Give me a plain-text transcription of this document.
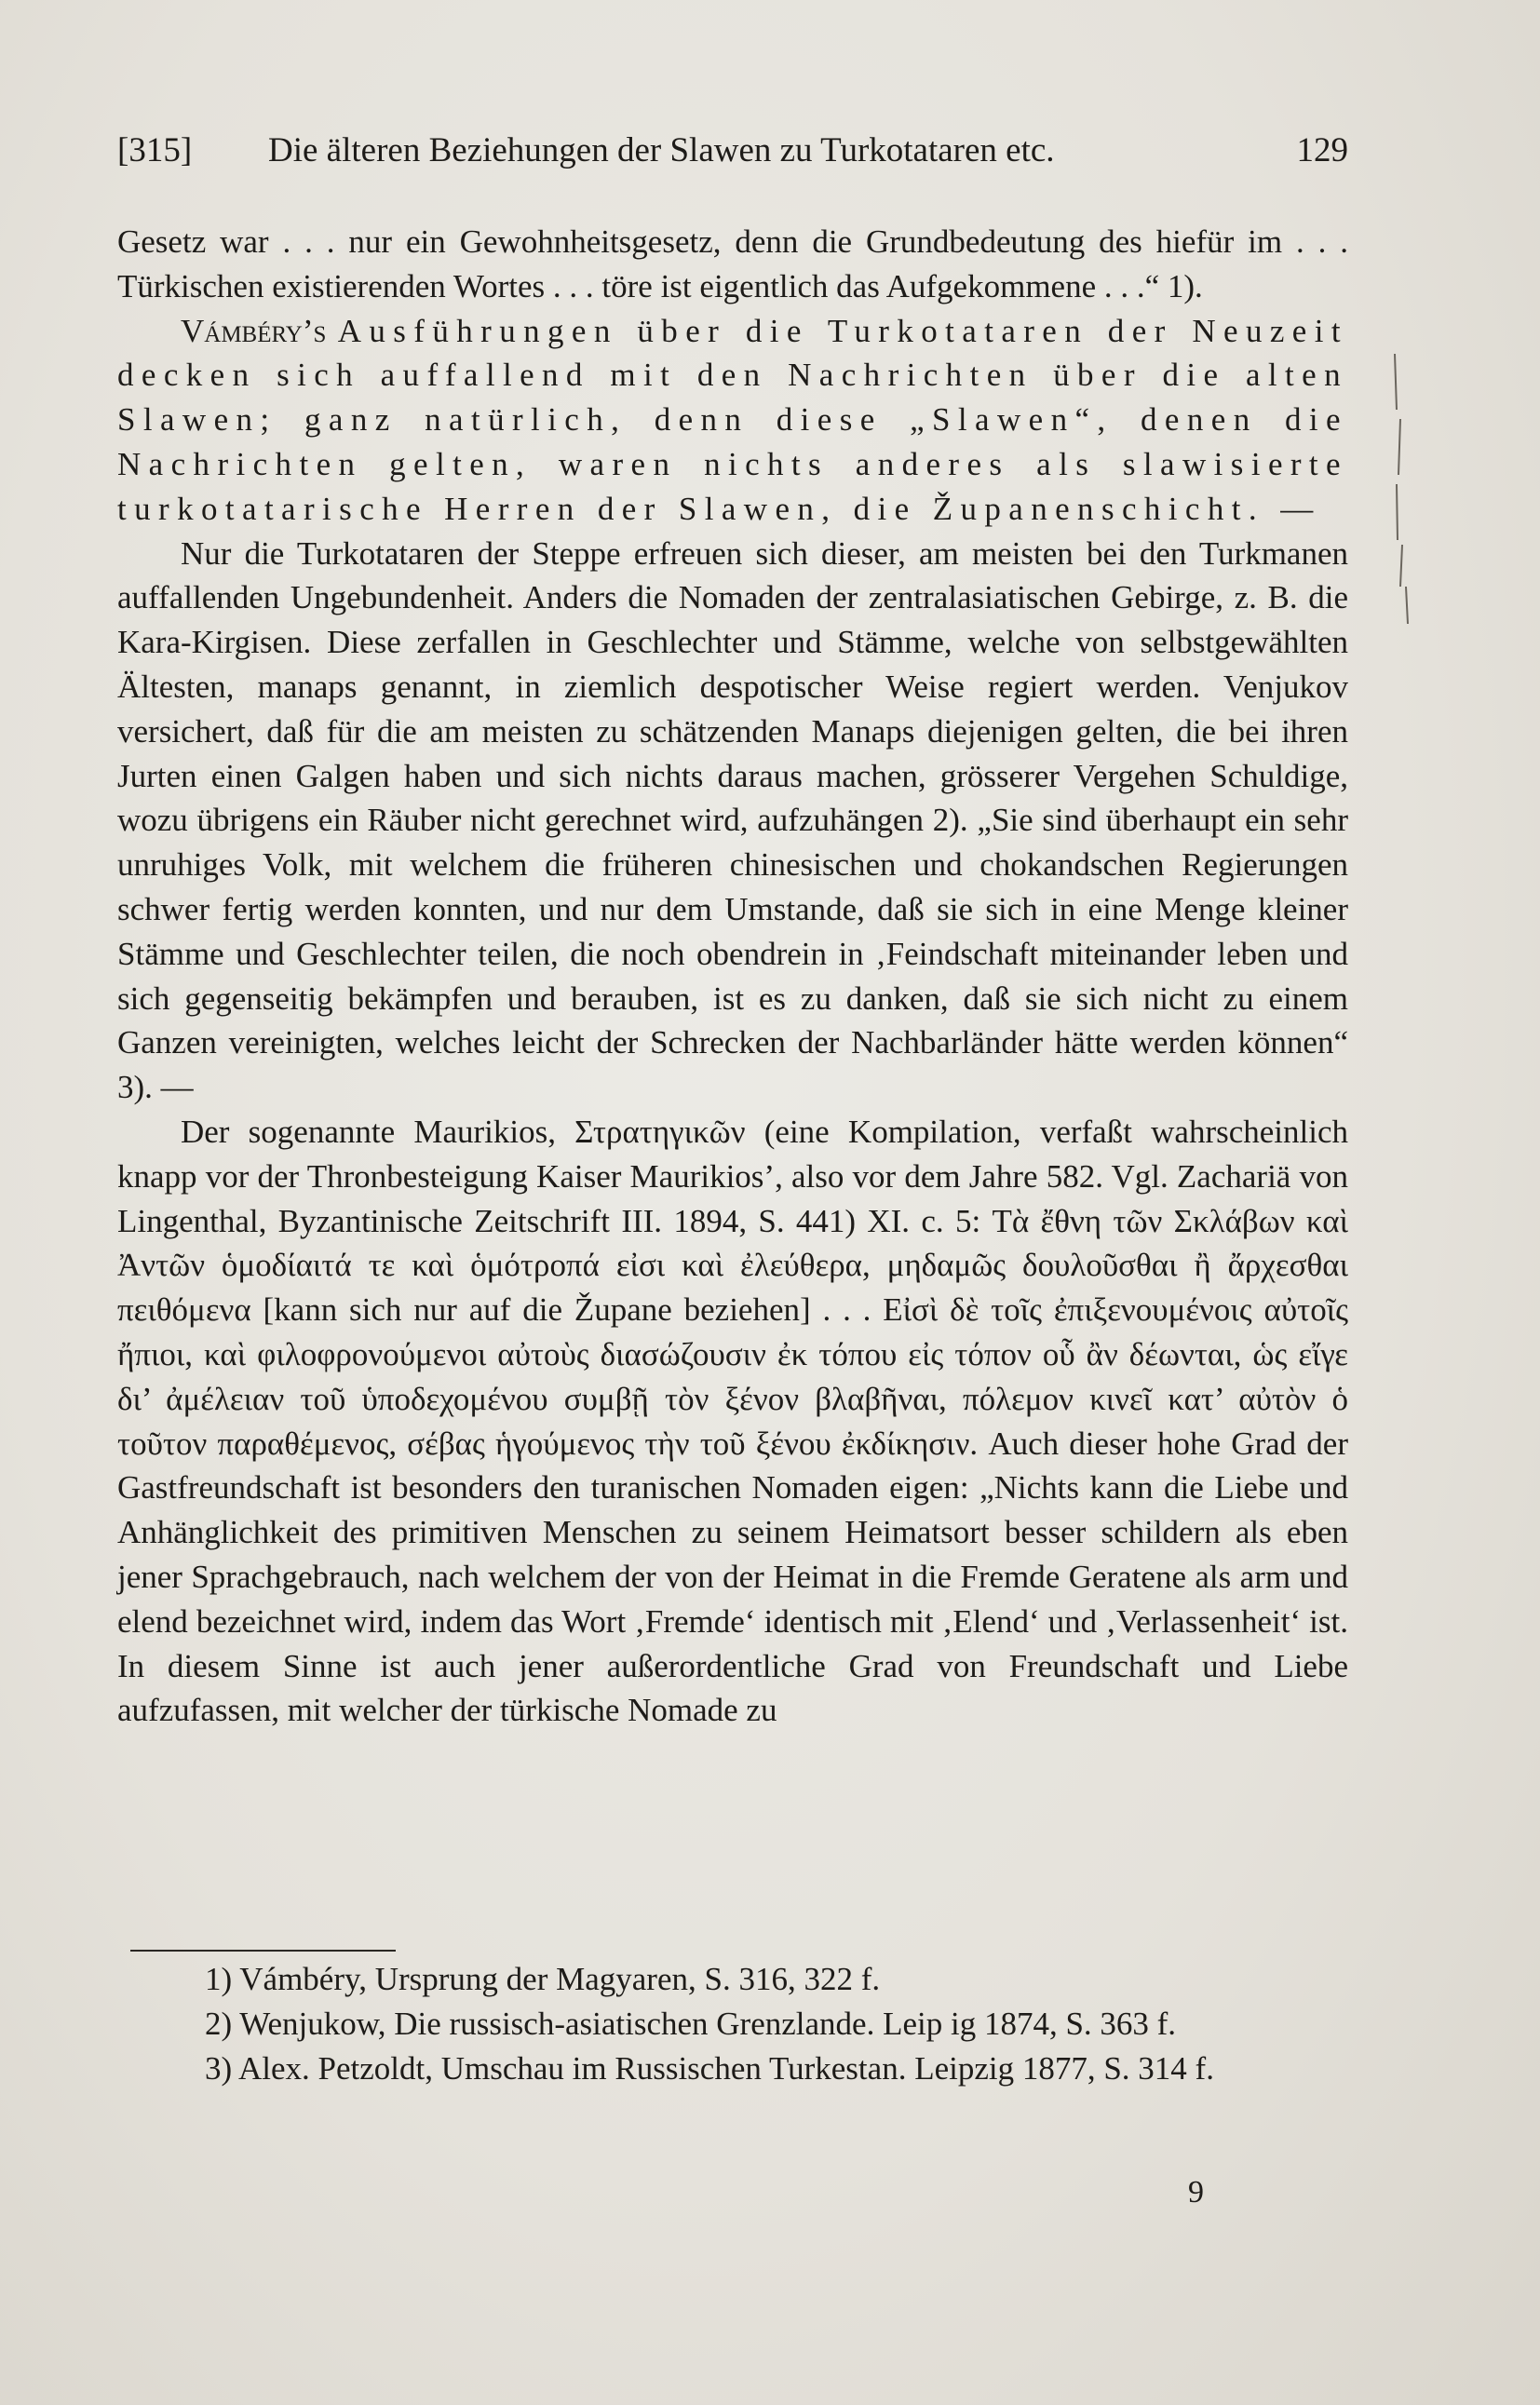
[315] Die älteren Beziehungen der Slawen zu Turkotataren etc.	129

Gesetz war . . . nur ein Gewohnheitsgesetz, denn die Grundbedeutung des hiefür im . . . Türkischen existierenden Wortes . . . töre ist eigentlich das Aufgekommene . . .“ 1).

Vámbéry’s Ausführungen über die Turkotataren der Neuzeit decken sich auffallend mit den Nachrichten über die alten Slawen; ganz natürlich, denn diese „Slawen“, denen die Nachrichten gelten, waren nichts anderes als slawisierte turkotatarische Herren der Slawen, die Županenschicht. —

Nur die Turkotataren der Steppe erfreuen sich dieser, am meisten bei den Turkmanen auffallenden Ungebundenheit. Anders die Nomaden der zentralasiatischen Gebirge, z. B. die Kara-Kirgisen. Diese zerfallen in Geschlechter und Stämme, welche von selbstgewählten Ältesten, manaps genannt, in ziemlich despotischer Weise regiert werden. Venjukov versichert, daß für die am meisten zu schätzenden Manaps diejenigen gelten, die bei ihren Jurten einen Galgen haben und sich nichts daraus machen, grösserer Vergehen Schuldige, wozu übrigens ein Räuber nicht gerechnet wird, aufzuhängen 2). „Sie sind überhaupt ein sehr unruhiges Volk, mit welchem die früheren chinesischen und chokandschen Regierungen schwer fertig werden konnten, und nur dem Umstande, daß sie sich in eine Menge kleiner Stämme und Geschlechter teilen, die noch obendrein in ‚Feindschaft miteinander leben und sich gegenseitig bekämpfen und berauben, ist es zu danken, daß sie sich nicht zu einem Ganzen vereinigten, welches leicht der Schrecken der Nachbarländer hätte werden können“ 3). —

Der sogenannte Maurikios, Στρατηγικῶν (eine Kompilation, verfaßt wahrscheinlich knapp vor der Thronbesteigung Kaiser Maurikios’, also vor dem Jahre 582. Vgl. Zachariä von Lingenthal, Byzantinische Zeitschrift III. 1894, S. 441) XI. c. 5: Τὰ ἔθνη τῶν Σκλάβων καὶ Ἀντῶν ὁμοδίαιτά τε καὶ ὁμότροπά εἰσι καὶ ἐλεύθερα, μηδαμῶς δουλοῦσθαι ἢ ἄρχεσθαι πειθόμενα [kann sich nur auf die Župane beziehen] . . . Εἰσὶ δὲ τοῖς ἐπιξενουμένοις αὐτοῖς ἤπιοι, καὶ φιλοφρονούμενοι αὐτοὺς διασώζουσιν ἐκ τόπου εἰς τόπον οὗ ἂν δέωνται, ὡς εἴγε δι’ ἀμέλειαν τοῦ ὑποδεχομένου συμβῇ τὸν ξένον βλαβῆναι, πόλεμον κινεῖ κατ’ αὐτὸν ὁ τοῦτον παραθέμενος, σέβας ἡγούμενος τὴν τοῦ ξένου ἐκδίκησιν. Auch dieser hohe Grad der Gastfreundschaft ist besonders den turanischen Nomaden eigen: „Nichts kann die Liebe und Anhänglichkeit des primitiven Menschen zu seinem Heimatsort besser schildern als eben jener Sprachgebrauch, nach welchem der von der Heimat in die Fremde Geratene als arm und elend bezeichnet wird, indem das Wort ‚Fremde‘ identisch mit ‚Elend‘ und ‚Verlassenheit‘ ist. In diesem Sinne ist auch jener außerordentliche Grad von Freundschaft und Liebe aufzufassen, mit welcher der türkische Nomade zu

1) Vámbéry, Ursprung der Magyaren, S. 316, 322 f.

2) Wenjukow, Die russisch-asiatischen Grenzlande. Leip ig 1874, S. 363 f.

3) Alex. Petzoldt, Umschau im Russischen Turkestan. Leipzig 1877, S. 314 f.

9
